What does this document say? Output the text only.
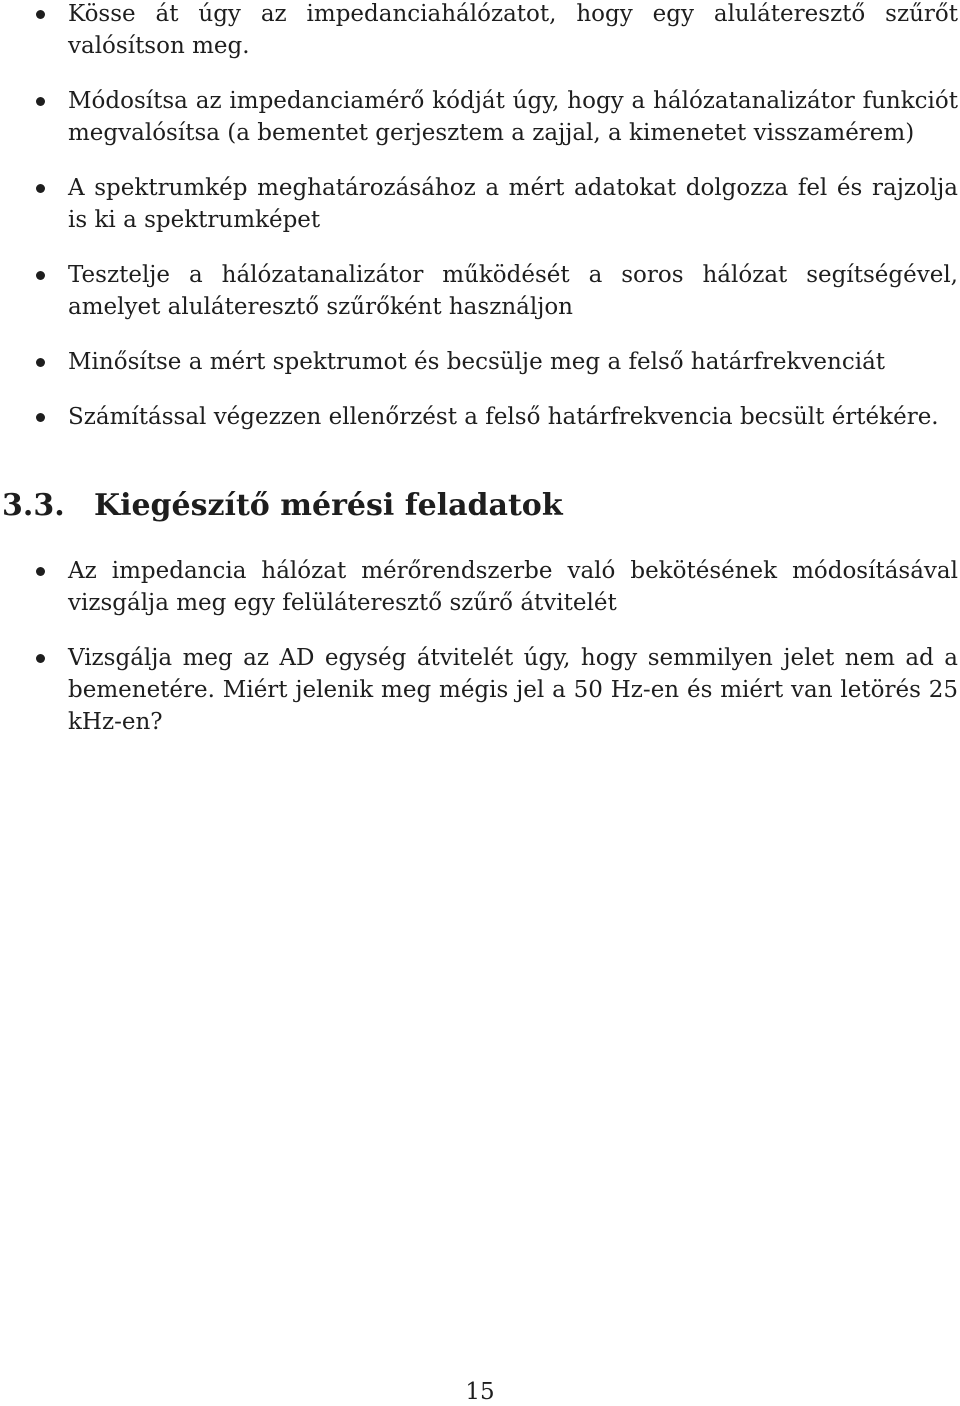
Kösse át úgy az impedanciahálózatot, hogy egy aluláteresztő szűrőt valósítson meg.
Módosítsa az impedanciamérő kódját úgy, hogy a hálózatanalizátor funkciót megvalósítsa (a bementet gerjesztem a zajjal, a kimenetet visszamérem)
A spektrumkép meghatározásához a mért adatokat dolgozza fel és rajzolja is ki a spektrumképet
Tesztelje a hálózatanalizátor működését a soros hálózat segítségével, amelyet aluláteresztő szűrőként használjon
Minősítse a mért spektrumot és becsülje meg a felső határfrekvenciát
Számítással végezzen ellenőrzést a felső határfrekvencia becsült értékére.
3.3. Kiegészítő mérési feladatok
Az impedancia hálózat mérőrendszerbe való bekötésének módosításával vizsgálja meg egy felüláteresztő szűrő átvitelét
Vizsgálja meg az AD egység átvitelét úgy, hogy semmilyen jelet nem ad a bemenetére. Miért jelenik meg mégis jel a 50 Hz-en és miért van letörés 25 kHz-en?
15
